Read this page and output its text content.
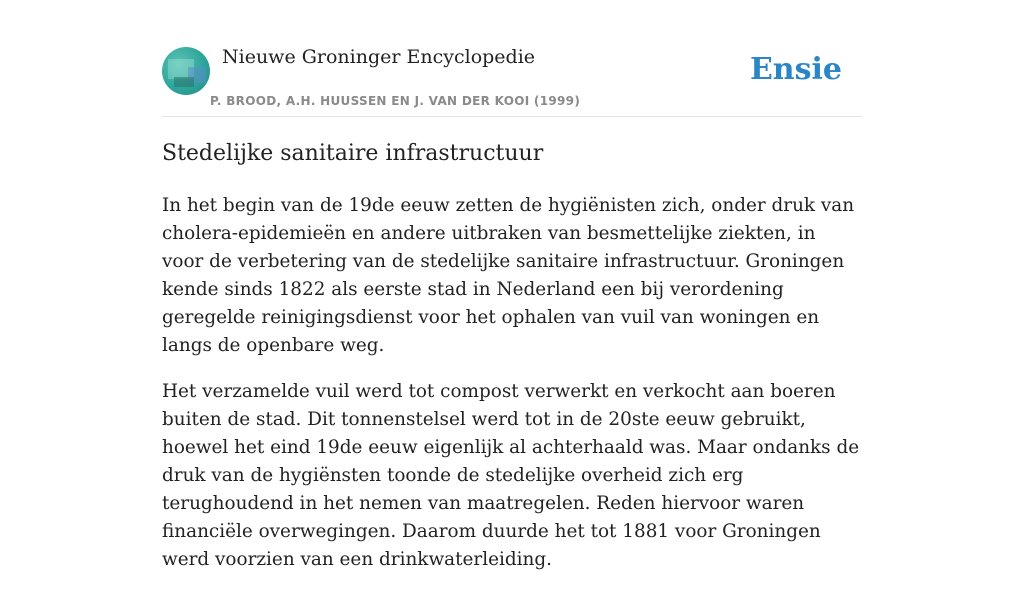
Nieuwe Groninger Encyclopedie
P. BROOD, A.H. HUUSSEN EN J. VAN DER KOOI (1999)
Ensie
Stedelijke sanitaire infrastructuur

In het begin van de 19de eeuw zetten de hygiënisten zich, onder druk van cholera-epidemieën en andere uitbraken van besmettelijke ziekten, in voor de verbetering van de stedelijke sanitaire infrastructuur. Groningen kende sinds 1822 als eerste stad in Nederland een bij verordening geregelde reinigingsdienst voor het ophalen van vuil van woningen en langs de openbare weg.

Het verzamelde vuil werd tot compost verwerkt en verkocht aan boeren buiten de stad. Dit tonnenstelsel werd tot in de 20ste eeuw gebruikt, hoewel het eind 19de eeuw eigenlijk al achterhaald was. Maar ondanks de druk van de hygiënsten toonde de stedelijke overheid zich erg terughoudend in het nemen van maatregelen. Reden hiervoor waren financiële overwegingen. Daarom duurde het tot 1881 voor Groningen werd voorzien van een drinkwaterleiding.
